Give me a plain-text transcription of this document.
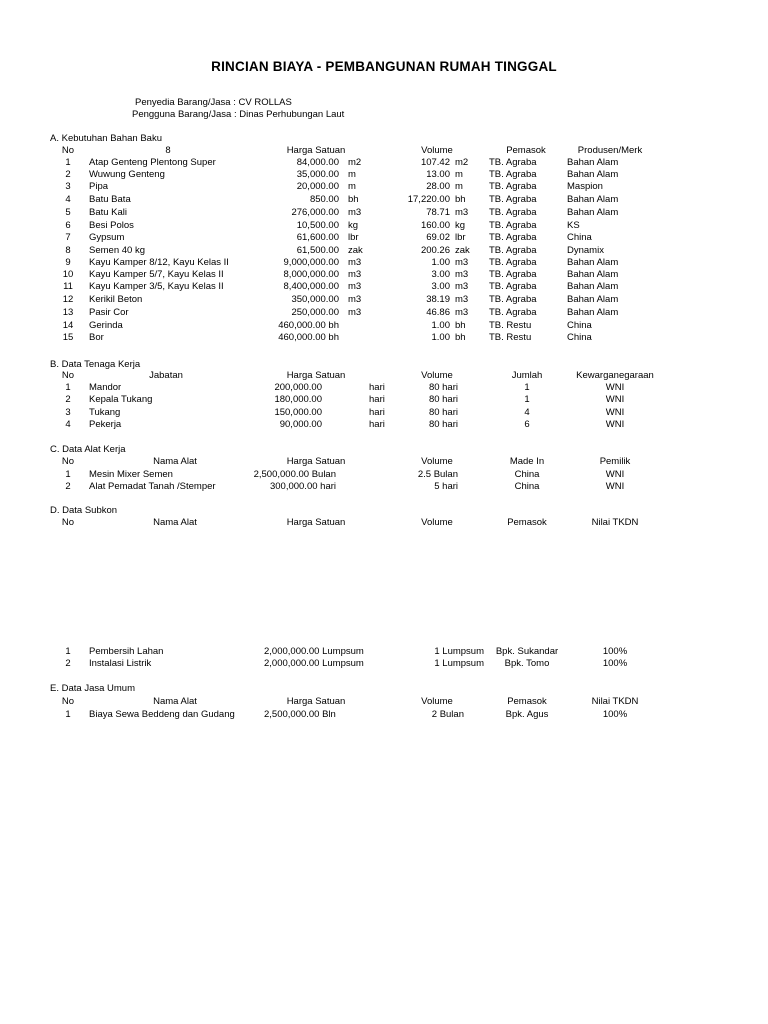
RINCIAN BIAYA - PEMBANGUNAN RUMAH TINGGAL
Penyedia Barang/Jasa : CV ROLLAS
Pengguna Barang/Jasa : Dinas Perhubungan Laut
A. Kebutuhan Bahan Baku
No	8	Harga Satuan	Volume	Pemasok	Produsen/Merk
1	Atap Genteng Plentong Super	84,000.00 m2	107.42 m2	TB. Agraba	Bahan Alam
2	Wuwung Genteng	35,000.00 m	13.00 m	TB. Agraba	Bahan Alam
3	Pipa	20,000.00 m	28.00 m	TB. Agraba	Maspion
4	Batu Bata	850.00 bh	17,220.00 bh	TB. Agraba	Bahan Alam
5	Batu Kali	276,000.00 m3	78.71 m3	TB. Agraba	Bahan Alam
6	Besi Polos	10,500.00 kg	160.00 kg	TB. Agraba	KS
7	Gypsum	61,600.00 lbr	69.02 lbr	TB. Agraba	China
8	Semen 40 kg	61,500.00 zak	200.26 zak	TB. Agraba	Dynamix
9	Kayu Kamper 8/12, Kayu Kelas II	9,000,000.00 m3	1.00 m3	TB. Agraba	Bahan Alam
10	Kayu Kamper 5/7, Kayu Kelas II	8,000,000.00 m3	3.00 m3	TB. Agraba	Bahan Alam
11	Kayu Kamper 3/5, Kayu Kelas II	8,400,000.00 m3	3.00 m3	TB. Agraba	Bahan Alam
12	Kerikil Beton	350,000.00 m3	38.19 m3	TB. Agraba	Bahan Alam
13	Pasir Cor	250,000.00 m3	46.86 m3	TB. Agraba	Bahan Alam
14	Gerinda	460,000.00 bh	1.00 bh	TB. Restu	China
15	Bor	460,000.00 bh	1.00 bh	TB. Restu	China
B. Data Tenaga Kerja
No	Jabatan	Harga Satuan	Volume	Jumlah	Kewarganegaraan
1	Mandor	200,000.00	hari	80 hari	1	WNI
2	Kepala Tukang	180,000.00	hari	80 hari	1	WNI
3	Tukang	150,000.00	hari	80 hari	4	WNI
4	Pekerja	90,000.00	hari	80 hari	6	WNI
C. Data Alat Kerja
No	Nama Alat	Harga Satuan	Volume	Made In	Pemilik
1	Mesin Mixer Semen	2,500,000.00 Bulan	2.5 Bulan	China	WNI
2	Alat Pemadat Tanah /Stemper	300,000.00 hari	5 hari	China	WNI
D. Data Subkon
No	Nama Alat	Harga Satuan	Volume	Pemasok	Nilai TKDN
1	Pembersih Lahan	2,000,000.00 Lumpsum	1 Lumpsum	Bpk. Sukandar	100%
2	Instalasi Listrik	2,000,000.00 Lumpsum	1 Lumpsum	Bpk. Tomo	100%
E. Data Jasa Umum
No	Nama Alat	Harga Satuan	Volume	Pemasok	Nilai TKDN
1	Biaya Sewa Beddeng dan Gudang	2,500,000.00 Bln	2 Bulan	Bpk. Agus	100%
